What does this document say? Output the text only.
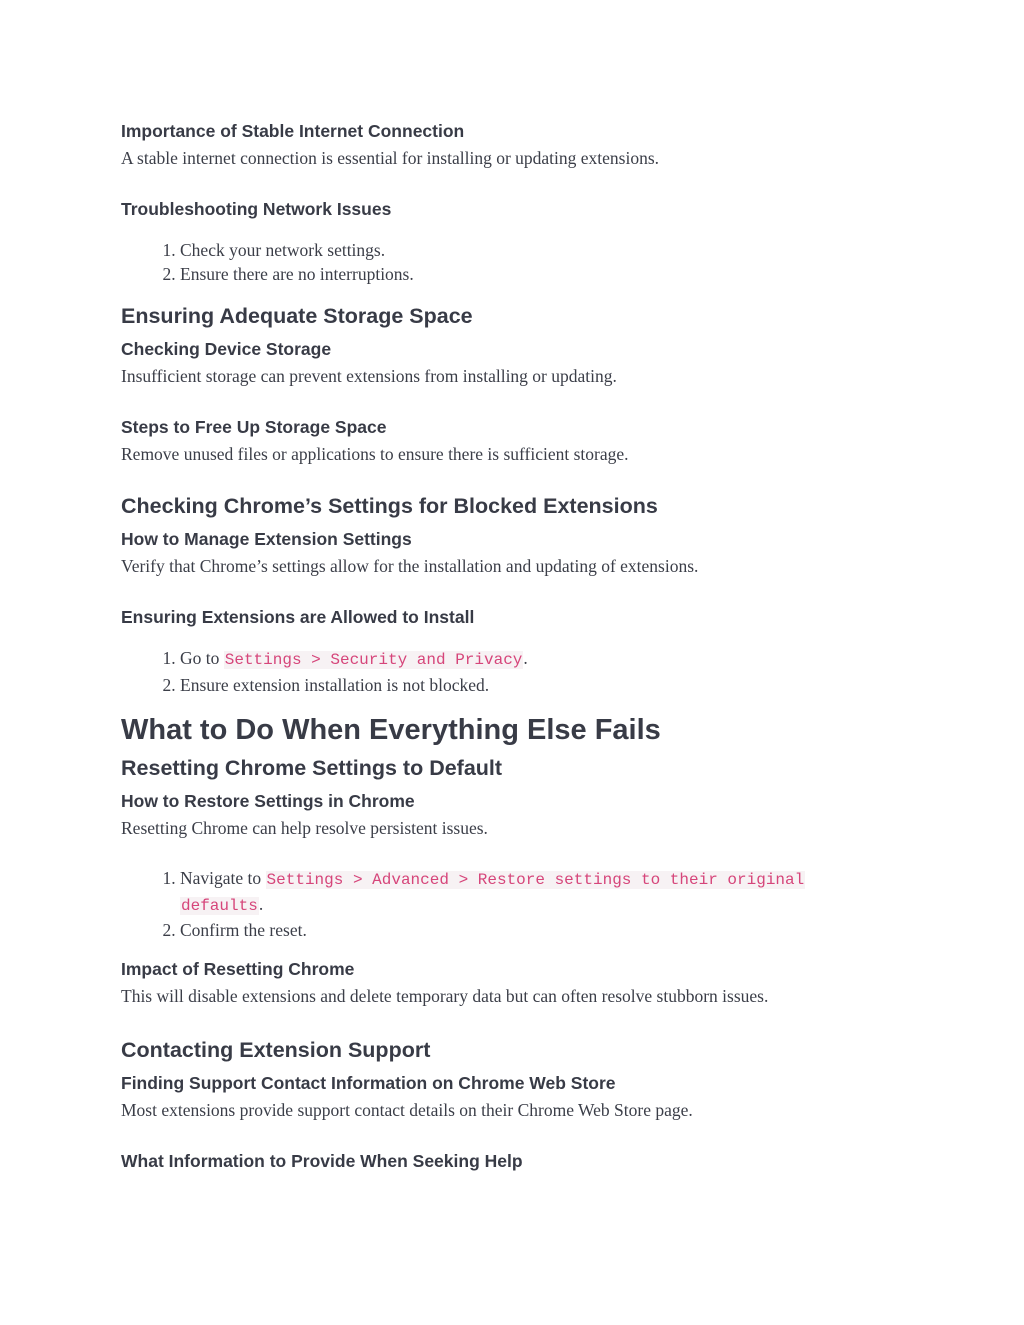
Importance of Stable Internet Connection

A stable internet connection is essential for installing or updating extensions.

Troubleshooting Network Issues
1. Check your network settings.
2. Ensure there are no interruptions.
Ensuring Adequate Storage Space
Checking Device Storage

Insufficient storage can prevent extensions from installing or updating.

Steps to Free Up Storage Space

Remove unused files or applications to ensure there is sufficient storage.

Checking Chrome’s Settings for Blocked Extensions
How to Manage Extension Settings

Verify that Chrome’s settings allow for the installation and updating of extensions.

Ensuring Extensions are Allowed to Install
1. Go to Settings > Security and Privacy.
2. Ensure extension installation is not blocked.
What to Do When Everything Else Fails
Resetting Chrome Settings to Default
How to Restore Settings in Chrome

Resetting Chrome can help resolve persistent issues.

1. Navigate to Settings > Advanced > Restore settings to their original
defaults.
2. Confirm the reset.
Impact of Resetting Chrome

This will disable extensions and delete temporary data but can often resolve stubborn issues.

Contacting Extension Support
Finding Support Contact Information on Chrome Web Store

Most extensions provide support contact details on their Chrome Web Store page.

What Information to Provide When Seeking Help
